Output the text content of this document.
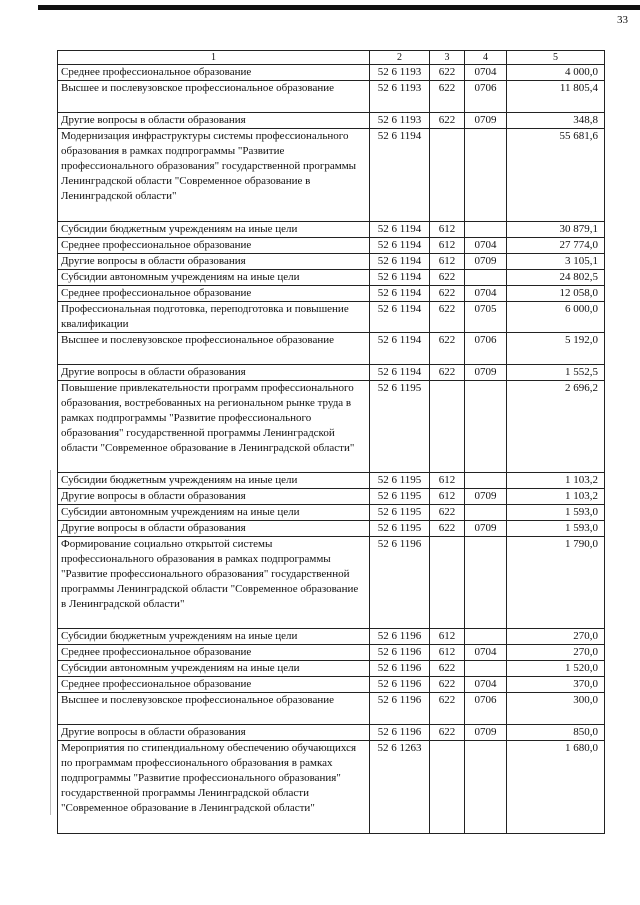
33
1	2	3	4	5
Среднее профессиональное образование	52 6 1193	622	0704	4 000,0
Высшее и послевузовское профессиональное образование	52 6 1193	622	0706	11 805,4
Другие вопросы в области образования	52 6 1193	622	0709	348,8
Модернизация инфраструктуры системы профессионального образования в рамках подпрограммы "Развитие профессионального образования" государственной программы Ленинградской области "Современное образование в Ленинградской области"	52 6 1194			55 681,6
Субсидии бюджетным учреждениям на иные цели	52 6 1194	612		30 879,1
Среднее профессиональное образование	52 6 1194	612	0704	27 774,0
Другие вопросы в области образования	52 6 1194	612	0709	3 105,1
Субсидии автономным учреждениям на иные цели	52 6 1194	622		24 802,5
Среднее профессиональное образование	52 6 1194	622	0704	12 058,0
Профессиональная подготовка, переподготовка и повышение квалификации	52 6 1194	622	0705	6 000,0
Высшее и послевузовское профессиональное образование	52 6 1194	622	0706	5 192,0
Другие вопросы в области образования	52 6 1194	622	0709	1 552,5
Повышение привлекательности программ профессионального образования, востребованных на региональном рынке труда в рамках подпрограммы "Развитие профессионального образования" государственной программы Ленинградской области "Современное образование в Ленинградской области"	52 6 1195			2 696,2
Субсидии бюджетным учреждениям на иные цели	52 6 1195	612		1 103,2
Другие вопросы в области образования	52 6 1195	612	0709	1 103,2
Субсидии автономным учреждениям на иные цели	52 6 1195	622		1 593,0
Другие вопросы в области образования	52 6 1195	622	0709	1 593,0
Формирование социально открытой системы профессионального образования в рамках подпрограммы "Развитие профессионального образования" государственной программы Ленинградской области "Современное образование в Ленинградской области"	52 6 1196			1 790,0
Субсидии бюджетным учреждениям на иные цели	52 6 1196	612		270,0
Среднее профессиональное образование	52 6 1196	612	0704	270,0
Субсидии автономным учреждениям на иные цели	52 6 1196	622		1 520,0
Среднее профессиональное образование	52 6 1196	622	0704	370,0
Высшее и послевузовское профессиональное образование	52 6 1196	622	0706	300,0
Другие вопросы в области образования	52 6 1196	622	0709	850,0
Мероприятия по стипендиальному обеспечению обучающихся по программам профессионального образования в рамках подпрограммы "Развитие профессионального образования" государственной программы Ленинградской области "Современное образование в Ленинградской области"	52 6 1263			1 680,0
